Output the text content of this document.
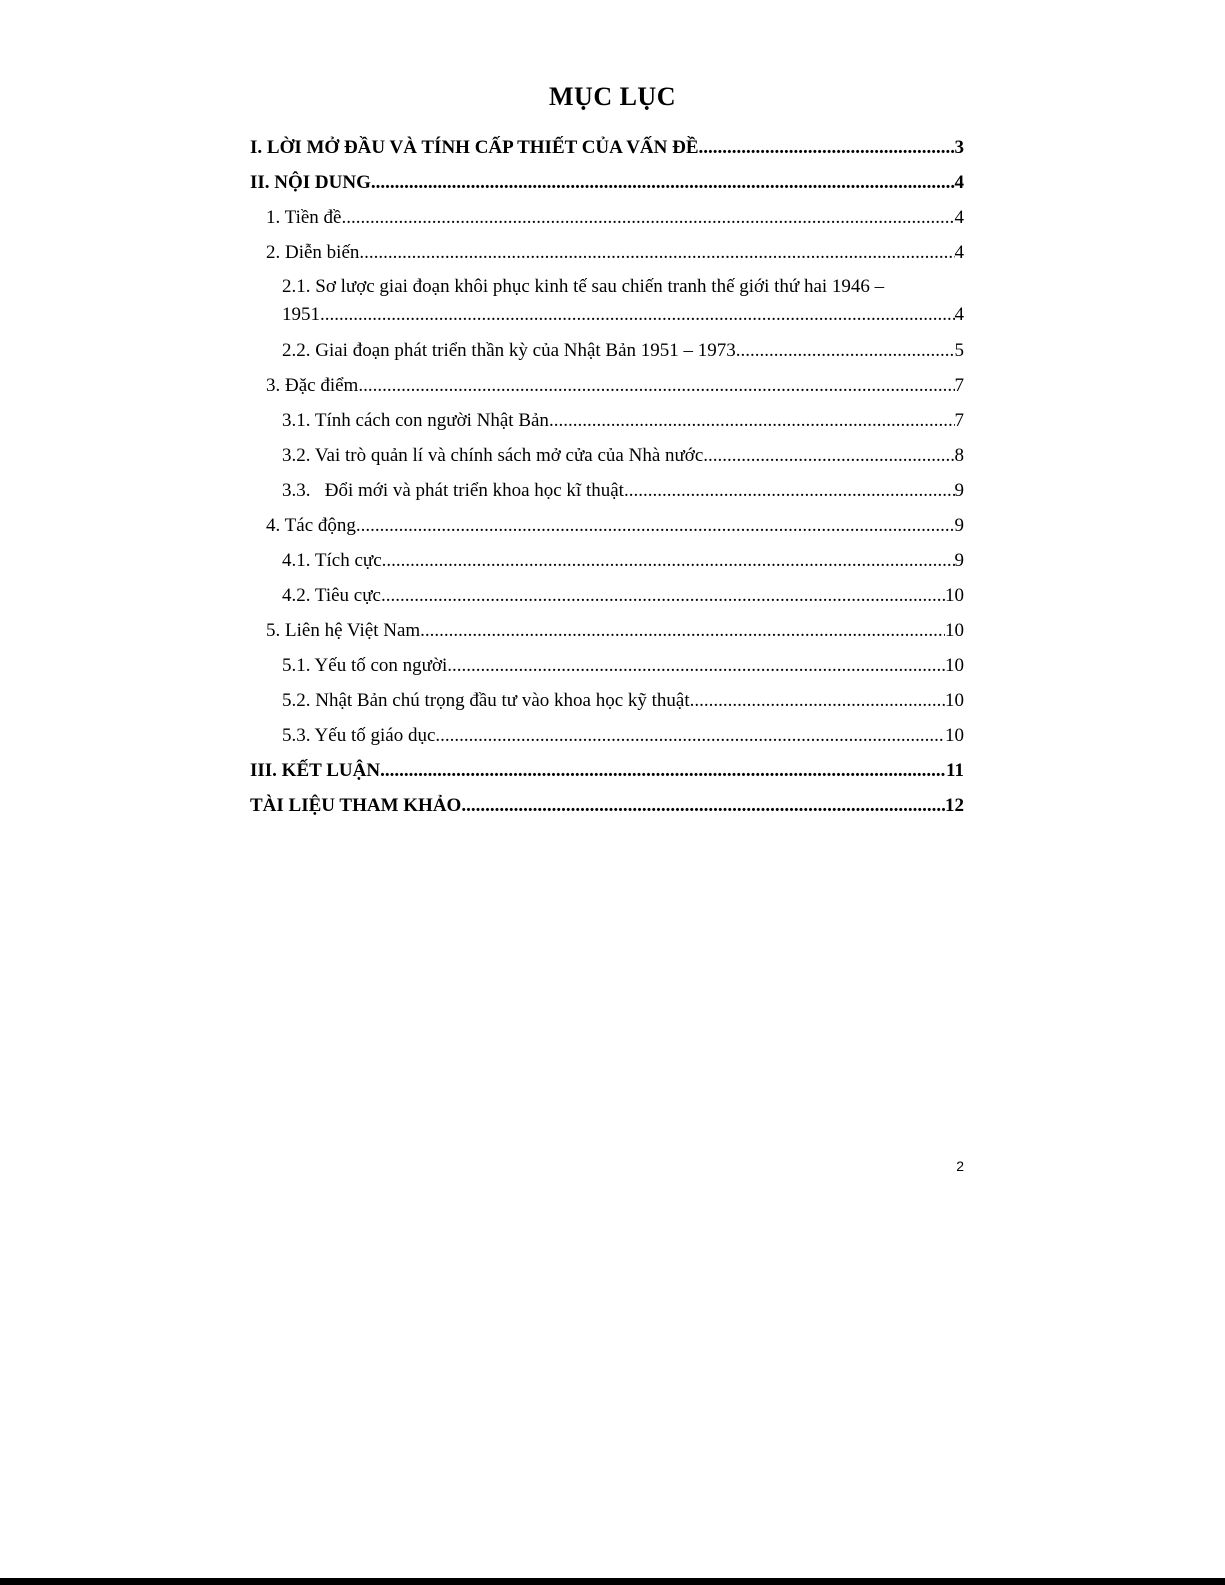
MỤC LỤC
I. LỜI MỞ ĐẦU VÀ TÍNH CẤP THIẾT CỦA VẤN ĐỀ .....	3
II. NỘI DUNG .....	4
1. Tiền đề .....	4
2. Diễn biến .....	4
2.1. Sơ lược giai đoạn khôi phục kinh tế sau chiến tranh thế giới thứ hai 1946 –
1951 .....	4
2.2. Giai đoạn phát triển thần kỳ của Nhật Bản 1951 – 1973 .....	5
3. Đặc điểm .....	7
3.1. Tính cách con người Nhật Bản .....	7
3.2. Vai trò quản lí và chính sách mở cửa của Nhà nước .....	8
3.3.   Đổi mới và phát triển khoa học kĩ thuật .....	9
4. Tác động .....	9
4.1. Tích cực .....	9
4.2. Tiêu cực .....	10
5. Liên hệ Việt Nam .....	10
5.1. Yếu tố con người .....	10
5.2. Nhật Bản chú trọng đầu tư vào khoa học kỹ thuật .....	10
5.3. Yếu tố giáo dục .....	10
III. KẾT LUẬN .....	11
TÀI LIỆU THAM KHẢO .....	12
2
